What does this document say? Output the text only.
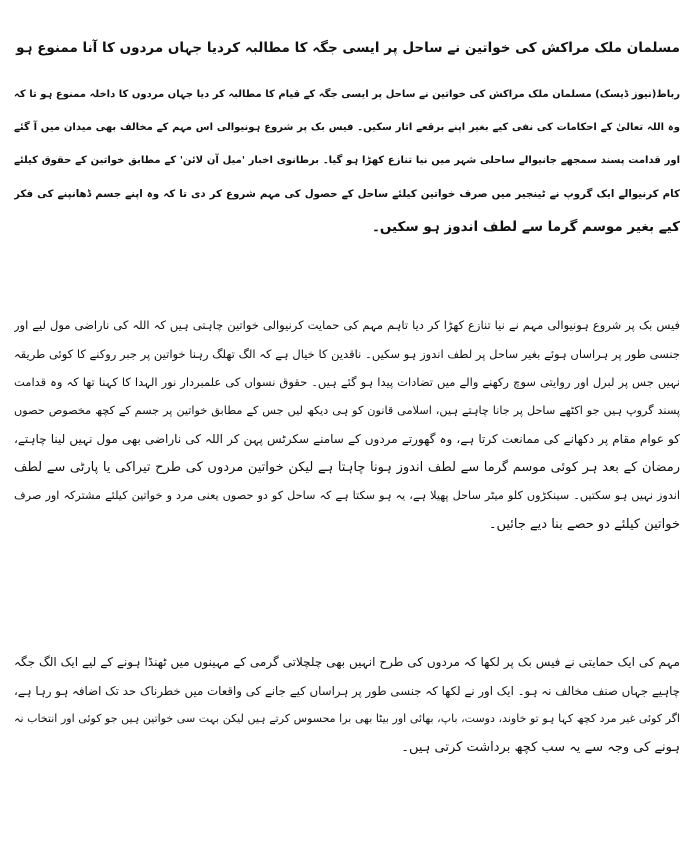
مسلمان ملک مراکش کی خواتین نے ساحل پر ایسی جگہ کا مطالبہ کردیا جہاں مردوں کا آنا ممنوع ہو
رباط(نیوز ڈیسک) مسلمان ملک مراکش کی خواتین نے ساحل پر ایسی جگہ کے قیام کا مطالبہ کر دیا جہاں مردوں کا داخلہ ممنوع ہو تا کہ
وہ اللہ تعالیٰ کے احکامات کی نفی کیے بغیر اپنے برقعے اتار سکیں۔ فیس بک پر شروع ہونیوالی اس مہم کے مخالف بھی میدان میں آ گئے
اور قدامت پسند سمجھے جانیوالے ساحلی شہر میں نیا تنازع کھڑا ہو گیا۔ برطانوی اخبار 'میل آن لائن' کے مطابق خواتین کے حقوق کیلئے
کام کرنیوالے ایک گروپ نے ٹینجیر میں صرف خواتین کیلئے ساحل کے حصول کی مہم شروع کر دی تا کہ وہ اپنے جسم ڈھانپنے کی فکر
کیے بغیر موسم گرما سے لطف اندوز ہو سکیں۔
فیس بک پر شروع ہونیوالی مہم نے نیا تنازع کھڑا کر دیا تاہم مہم کی حمایت کرنیوالی خواتین چاہتی ہیں کہ اللہ کی ناراضی مول لیے اور
جنسی طور پر ہراساں ہوئے بغیر ساحل پر لطف اندوز ہو سکیں۔ ناقدین کا خیال ہے کہ الگ تھلگ رہنا خواتین پر جبر روکنے کا کوئی طریقہ
نہیں جس پر لبرل اور روایتی سوچ رکھنے والے میں تضادات پیدا ہو گئے ہیں۔ حقوق نسواں کی علمبردار نور الہدا کا کہنا تھا کہ وہ قدامت
پسند گروپ ہیں جو اکٹھے ساحل پر جانا چاہتے ہیں، اسلامی قانون کو ہی دیکھ لیں جس کے مطابق خواتین پر جسم کے کچھ مخصوص حصوں
کو عوام مقام پر دکھانے کی ممانعت کرتا ہے، وہ گھورتے مردوں کے سامنے سکرٹس پہن کر اللہ کی ناراضی بھی مول نہیں لینا چاہتے،
رمضان کے بعد ہر کوئی موسم گرما سے لطف اندوز ہونا چاہتا ہے لیکن خواتین مردوں کی طرح تیراکی یا پارٹی سے لطف
اندوز نہیں ہو سکتیں۔ سینکڑوں کلو میٹر ساحل پھیلا ہے، یہ ہو سکتا ہے کہ ساحل کو دو حصوں یعنی مرد و خواتین کیلئے مشترکہ اور صرف
خواتین کیلئے دو حصے بنا دیے جائیں۔
مہم کی ایک حمایتی نے فیس بک پر لکھا کہ مردوں کی طرح انہیں بھی چلچلاتی گرمی کے مہینوں میں ٹھنڈا ہونے کے لیے ایک الگ جگہ
چاہیے جہاں صنف مخالف نہ ہو۔ ایک اور نے لکھا کہ جنسی طور پر ہراساں کیے جانے کی واقعات میں خطرناک حد تک اضافہ ہو رہا ہے،
اگر کوئی غیر مرد کچھ کہا ہو تو خاوند، دوست، باپ، بھائی اور بیٹا بھی برا محسوس کرتے ہیں لیکن بہت سی خواتین ہیں جو کوئی اور انتخاب نہ
ہونے کی وجہ سے یہ سب کچھ برداشت کرتی ہیں۔
